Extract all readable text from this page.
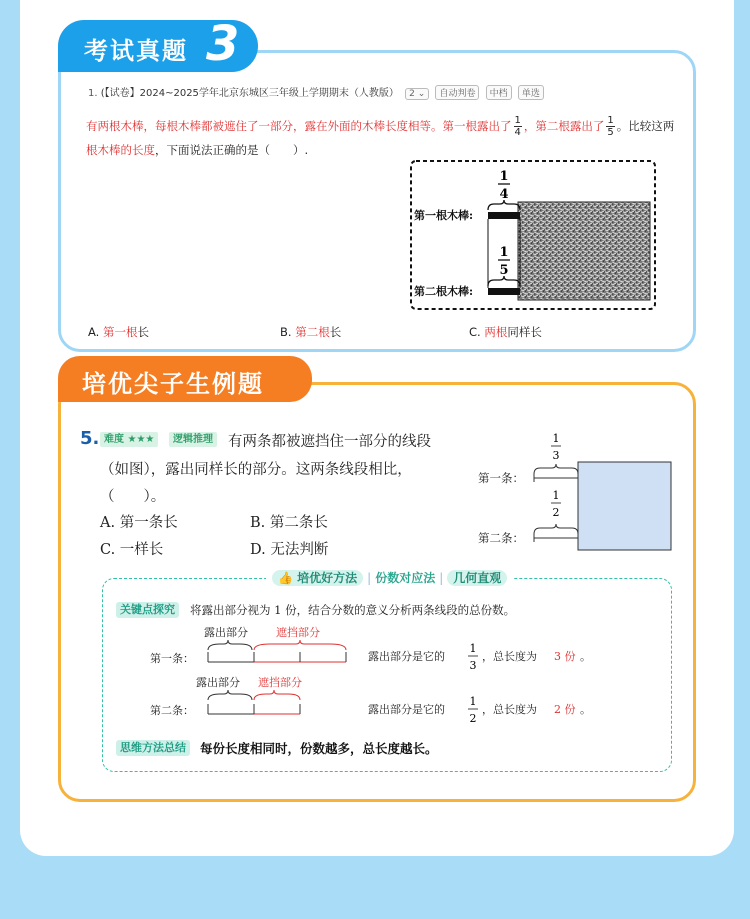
考试真题 3
1. (【试卷】2024~2025学年北京东城区三年级上学期期末（人教版） 2 ⌄ 自动判卷 中档 单选
有两根木棒，每根木棒都被遮住了一部分，露在外面的木棒长度相等。第一根露出了 $\frac{1}{4}$ ，第二根露出了 $\frac{1}{5}$ 。比较这两
根木棒的长度，下面说法正确的是（　　）.
第一根木棒:
第二根木棒:
1
4
1
5
A. 第一根长	B. 第二根长	C. 两根同样长
培优尖子生例题
5. 难度 ★★★	逻辑推理 有两条都被遮挡住一部分的线段
（如图），露出同样长的部分。这两条线段相比，
（　　）。
A. 第一条长	B. 第二条长
C. 一样长	D. 无法判断
第一条：
第二条：
1
3
1
2
👍 培优好方法 | 份数对应法 | 几何直观
关键点探究	将露出部分视为 1 份，结合分数的意义分析两条线段的总份数。
露出部分	遮挡部分
第一条：	露出部分是它的
1
3
，总长度为 3 份 。
露出部分 遮挡部分
第二条：	露出部分是它的
1
2
，总长度为 2 份 。
思维方法总结	每份长度相同时，份数越多，总长度越长。
